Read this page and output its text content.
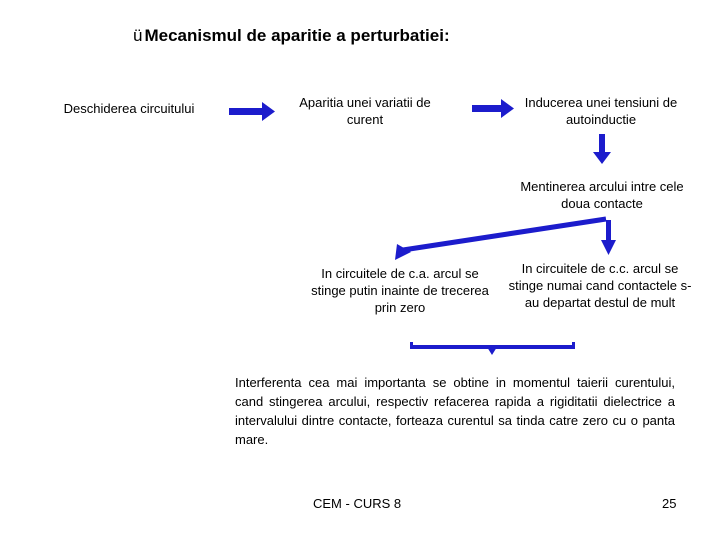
ü Mecanismul de aparitie a perturbatiei:
Deschiderea circuitului	Aparitia unei variatii de curent
Inducerea unei tensiuni de autoinductie
Mentinerea arcului intre cele doua contacte
In circuitele de c.a. arcul se stinge putin inainte de trecerea prin zero
In circuitele de c.c. arcul se stinge numai cand contactele s-au departat destul de mult
Interferenta cea mai importanta se obtine in momentul taierii curentului, cand stingerea arcului, respectiv refacerea rapida a rigiditatii dielectrice a intervalului dintre contacte, forteaza curentul sa tinda catre zero cu o panta mare.
CEM - CURS 8	25
